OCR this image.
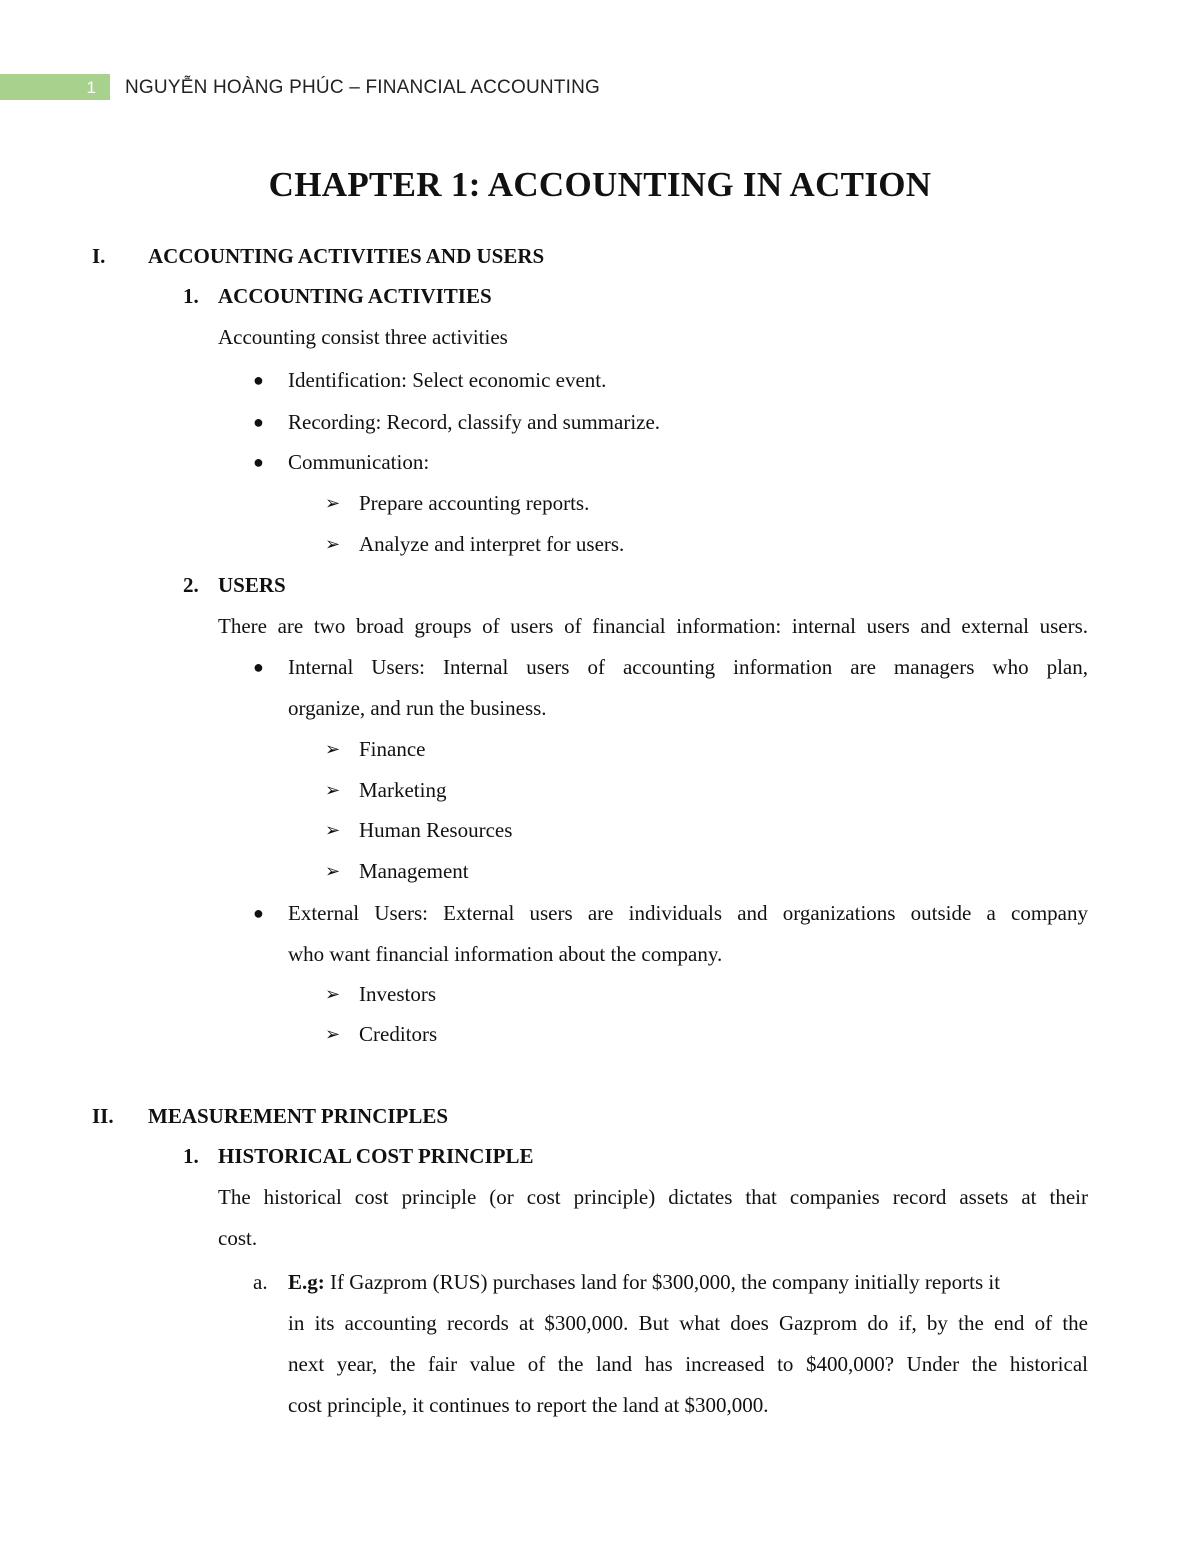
1	NGUYỄN HOÀNG PHÚC – FINANCIAL ACCOUNTING
CHAPTER 1: ACCOUNTING IN ACTION
I. ACCOUNTING ACTIVITIES AND USERS
1. ACCOUNTING ACTIVITIES
Accounting consist three activities
● Identification: Select economic event.
● Recording: Record, classify and summarize.
● Communication:
➢ Prepare accounting reports.
➢ Analyze and interpret for users.
2. USERS
There are two broad groups of users of financial information: internal users and external users.
● Internal Users: Internal users of accounting information are managers who plan,
organize, and run the business.
➢ Finance
➢ Marketing
➢ Human Resources
➢ Management
● External Users: External users are individuals and organizations outside a company
who want financial information about the company.
➢ Investors
➢ Creditors
II. MEASUREMENT PRINCIPLES
1. HISTORICAL COST PRINCIPLE
The historical cost principle (or cost principle) dictates that companies record assets at their
cost.
a. E.g: If Gazprom (RUS) purchases land for $300,000, the company initially reports it
in its accounting records at $300,000. But what does Gazprom do if, by the end of the
next year, the fair value of the land has increased to $400,000? Under the historical
cost principle, it continues to report the land at $300,000.
